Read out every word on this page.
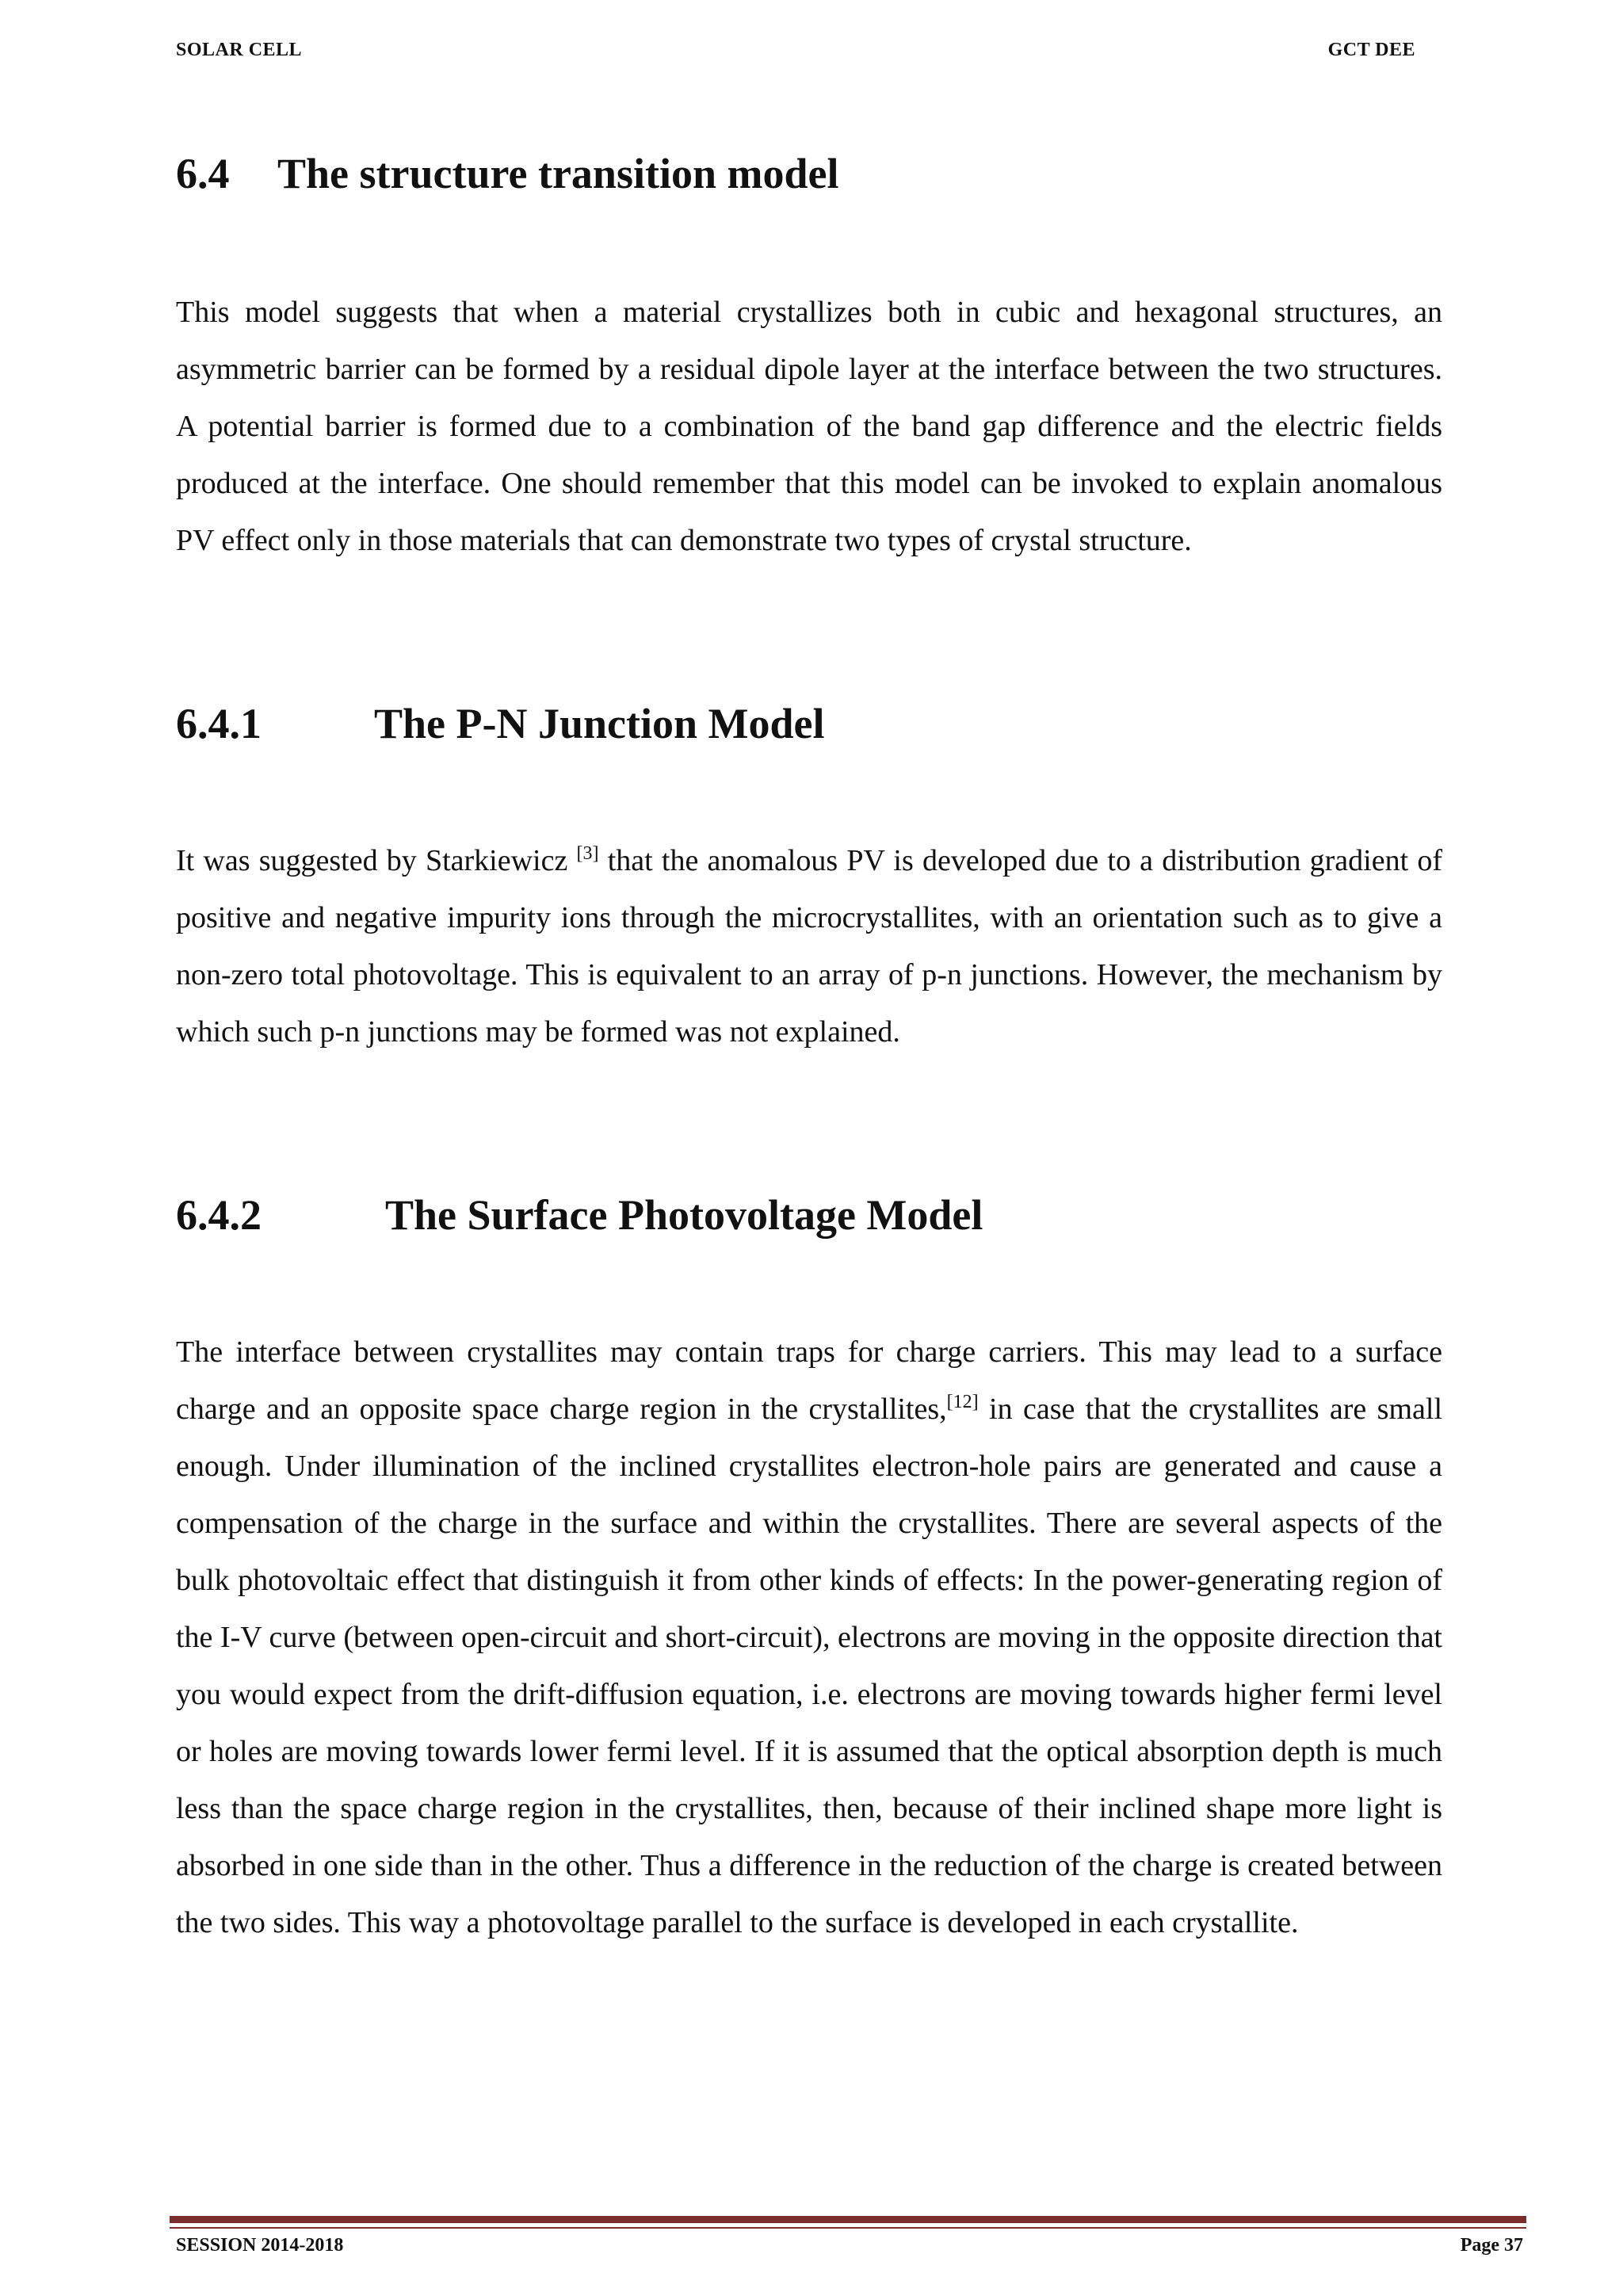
SOLAR CELL	GCT DEE
6.4 The structure transition model

This model suggests that when a material crystallizes both in cubic and hexagonal structures, an asymmetric barrier can be formed by a residual dipole layer at the interface between the two structures. A potential barrier is formed due to a combination of the band gap difference and the electric fields produced at the interface. One should remember that this model can be invoked to explain anomalous PV effect only in those materials that can demonstrate two types of crystal structure.

6.4.1	The P-N Junction Model

It was suggested by Starkiewicz [3] that the anomalous PV is developed due to a distribution gradient of positive and negative impurity ions through the microcrystallites, with an orientation such as to give a non-zero total photovoltage. This is equivalent to an array of p-n junctions. However, the mechanism by which such p-n junctions may be formed was not explained.

6.4.2	The Surface Photovoltage Model

The interface between crystallites may contain traps for charge carriers. This may lead to a surface charge and an opposite space charge region in the crystallites,[12] in case that the crystallites are small enough. Under illumination of the inclined crystallites electron-hole pairs are generated and cause a compensation of the charge in the surface and within the crystallites. There are several aspects of the bulk photovoltaic effect that distinguish it from other kinds of effects: In the power-generating region of the I-V curve (between open-circuit and short-circuit), electrons are moving in the opposite direction that you would expect from the drift-diffusion equation, i.e. electrons are moving towards higher fermi level or holes are moving towards lower fermi level. If it is assumed that the optical absorption depth is much less than the space charge region in the crystallites, then, because of their inclined shape more light is absorbed in one side than in the other. Thus a difference in the reduction of the charge is created between the two sides. This way a photovoltage parallel to the surface is developed in each crystallite.

SESSION 2014-2018	Page 37
